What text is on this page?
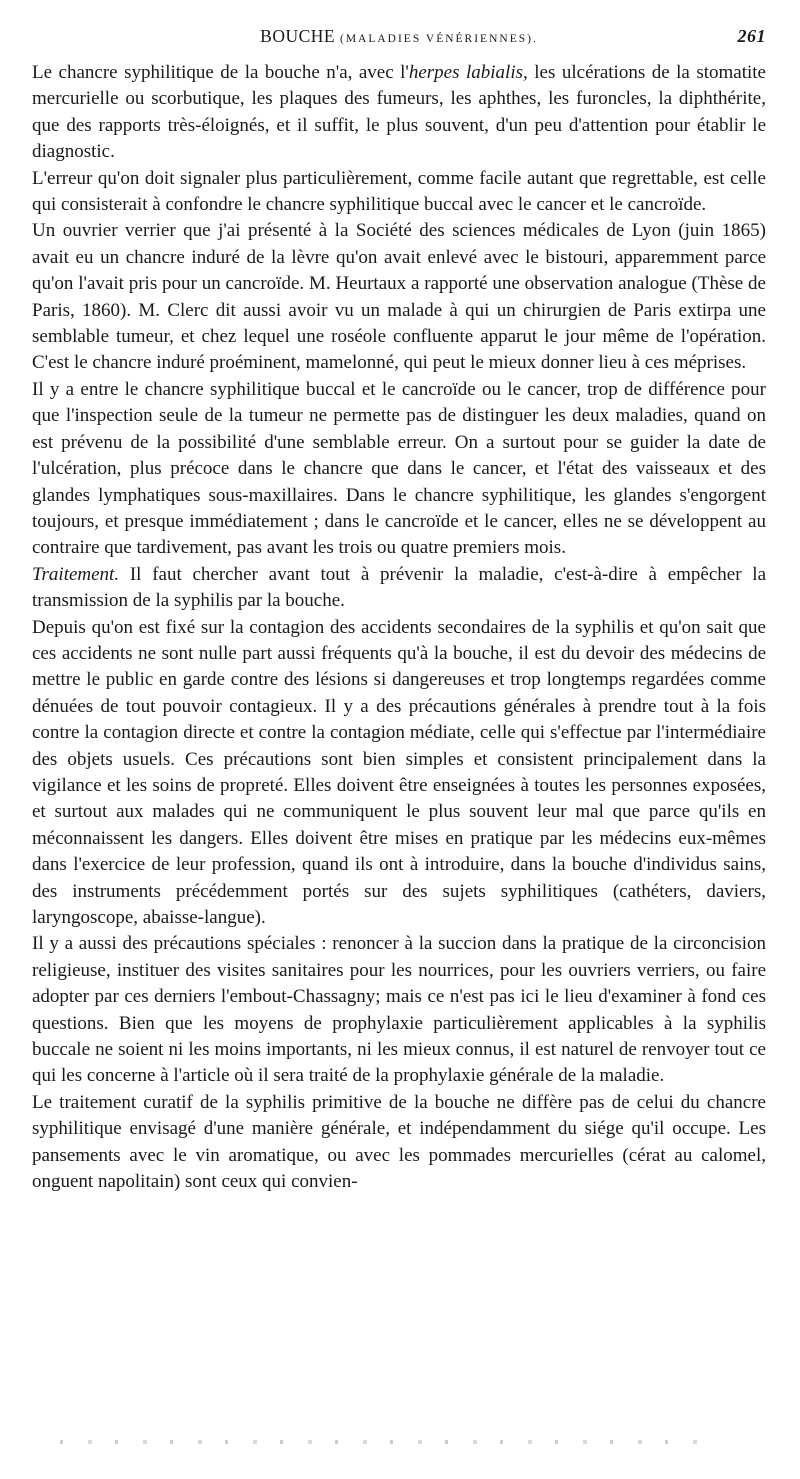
BOUCHE (MALADIES VÉNÉRIENNES).	261

Le chancre syphilitique de la bouche n'a, avec l'herpes labialis, les ulcérations de la stomatite mercurielle ou scorbutique, les plaques des fumeurs, les aphthes, les furoncles, la diphthérite, que des rapports très-éloignés, et il suffit, le plus souvent, d'un peu d'attention pour établir le diagnostic.

L'erreur qu'on doit signaler plus particulièrement, comme facile autant que regrettable, est celle qui consisterait à confondre le chancre syphilitique buccal avec le cancer et le cancroïde.

Un ouvrier verrier que j'ai présenté à la Société des sciences médicales de Lyon (juin 1865) avait eu un chancre induré de la lèvre qu'on avait enlevé avec le bistouri, apparemment parce qu'on l'avait pris pour un cancroïde. M. Heurtaux a rapporté une observation analogue (Thèse de Paris, 1860). M. Clerc dit aussi avoir vu un malade à qui un chirurgien de Paris extirpa une semblable tumeur, et chez lequel une roséole confluente apparut le jour même de l'opération. C'est le chancre induré proéminent, mamelonné, qui peut le mieux donner lieu à ces méprises.

Il y a entre le chancre syphilitique buccal et le cancroïde ou le cancer, trop de différence pour que l'inspection seule de la tumeur ne permette pas de distinguer les deux maladies, quand on est prévenu de la possibilité d'une semblable erreur. On a surtout pour se guider la date de l'ulcération, plus précoce dans le chancre que dans le cancer, et l'état des vaisseaux et des glandes lymphatiques sous-maxillaires. Dans le chancre syphilitique, les glandes s'engorgent toujours, et presque immédiatement ; dans le cancroïde et le cancer, elles ne se développent au contraire que tardivement, pas avant les trois ou quatre premiers mois.

Traitement. Il faut chercher avant tout à prévenir la maladie, c'est-à-dire à empêcher la transmission de la syphilis par la bouche.

Depuis qu'on est fixé sur la contagion des accidents secondaires de la syphilis et qu'on sait que ces accidents ne sont nulle part aussi fréquents qu'à la bouche, il est du devoir des médecins de mettre le public en garde contre des lésions si dangereuses et trop longtemps regardées comme dénuées de tout pouvoir contagieux. Il y a des précautions générales à prendre tout à la fois contre la contagion directe et contre la contagion médiate, celle qui s'effectue par l'intermédiaire des objets usuels. Ces précautions sont bien simples et consistent principalement dans la vigilance et les soins de propreté. Elles doivent être enseignées à toutes les personnes exposées, et surtout aux malades qui ne communiquent le plus souvent leur mal que parce qu'ils en méconnaissent les dangers. Elles doivent être mises en pratique par les médecins eux-mêmes dans l'exercice de leur profession, quand ils ont à introduire, dans la bouche d'individus sains, des instruments précédemment portés sur des sujets syphilitiques (cathéters, daviers, laryngoscope, abaisse-langue).

Il y a aussi des précautions spéciales : renoncer à la succion dans la pratique de la circoncision religieuse, instituer des visites sanitaires pour les nourrices, pour les ouvriers verriers, ou faire adopter par ces derniers l'embout-Chassagny; mais ce n'est pas ici le lieu d'examiner à fond ces questions. Bien que les moyens de prophylaxie particulièrement applicables à la syphilis buccale ne soient ni les moins importants, ni les mieux connus, il est naturel de renvoyer tout ce qui les concerne à l'article où il sera traité de la prophylaxie générale de la maladie.

Le traitement curatif de la syphilis primitive de la bouche ne diffère pas de celui du chancre syphilitique envisagé d'une manière générale, et indépendamment du siége qu'il occupe. Les pansements avec le vin aromatique, ou avec les pommades mercurielles (cérat au calomel, onguent napolitain) sont ceux qui convien-
